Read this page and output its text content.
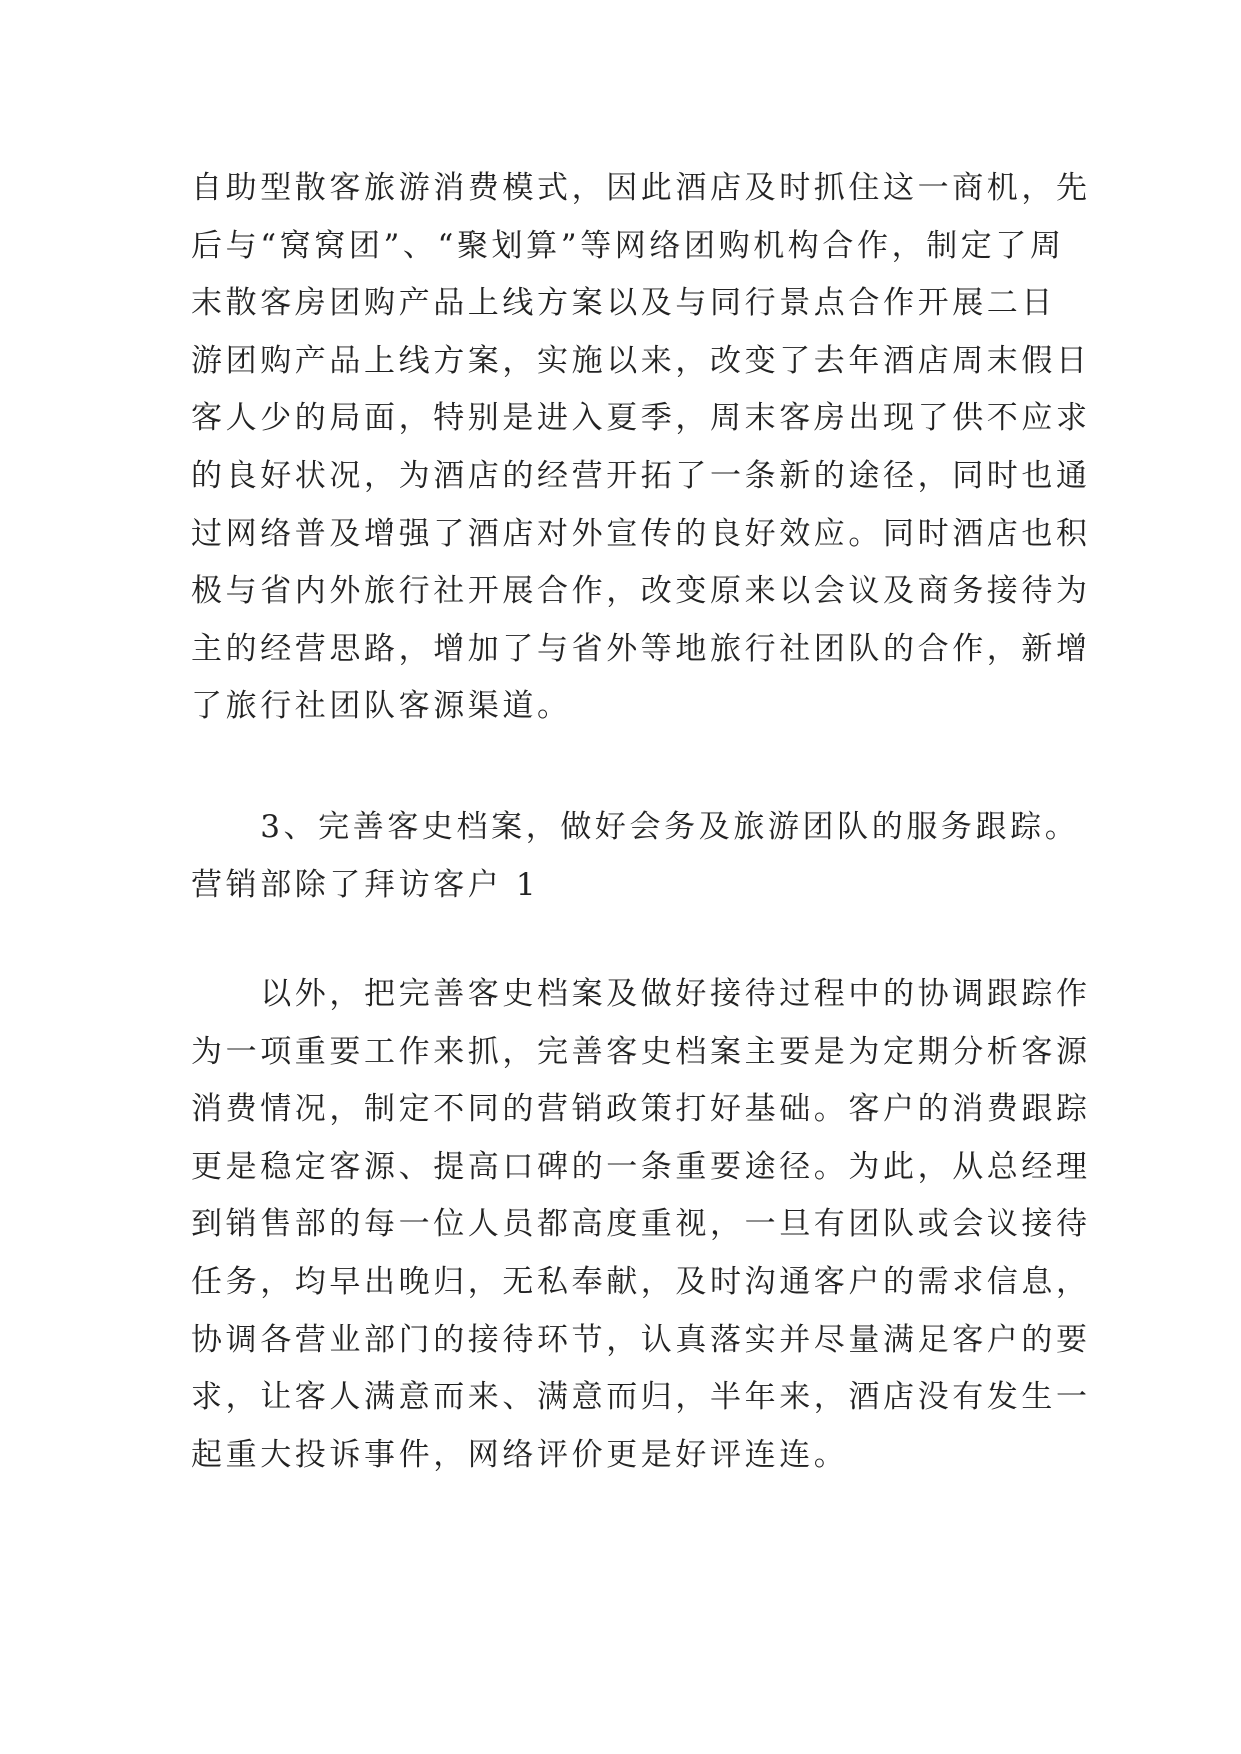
自助型散客旅游消费模式，因此酒店及时抓住这一商机，先
后与“窝窝团”、“聚划算”等网络团购机构合作，制定了周
末散客房团购产品上线方案以及与同行景点合作开展二日
游团购产品上线方案，实施以来，改变了去年酒店周末假日
客人少的局面，特别是进入夏季，周末客房出现了供不应求
的良好状况，为酒店的经营开拓了一条新的途径，同时也通
过网络普及增强了酒店对外宣传的良好效应。同时酒店也积
极与省内外旅行社开展合作，改变原来以会议及商务接待为
主的经营思路，增加了与省外等地旅行社团队的合作，新增
了旅行社团队客源渠道。
　　3、完善客史档案，做好会务及旅游团队的服务跟踪。
营销部除了拜访客户 1
　　以外，把完善客史档案及做好接待过程中的协调跟踪作
为一项重要工作来抓，完善客史档案主要是为定期分析客源
消费情况，制定不同的营销政策打好基础。客户的消费跟踪
更是稳定客源、提高口碑的一条重要途径。为此，从总经理
到销售部的每一位人员都高度重视，一旦有团队或会议接待
任务，均早出晚归，无私奉献，及时沟通客户的需求信息，
协调各营业部门的接待环节，认真落实并尽量满足客户的要
求，让客人满意而来、满意而归，半年来，酒店没有发生一
起重大投诉事件，网络评价更是好评连连。
